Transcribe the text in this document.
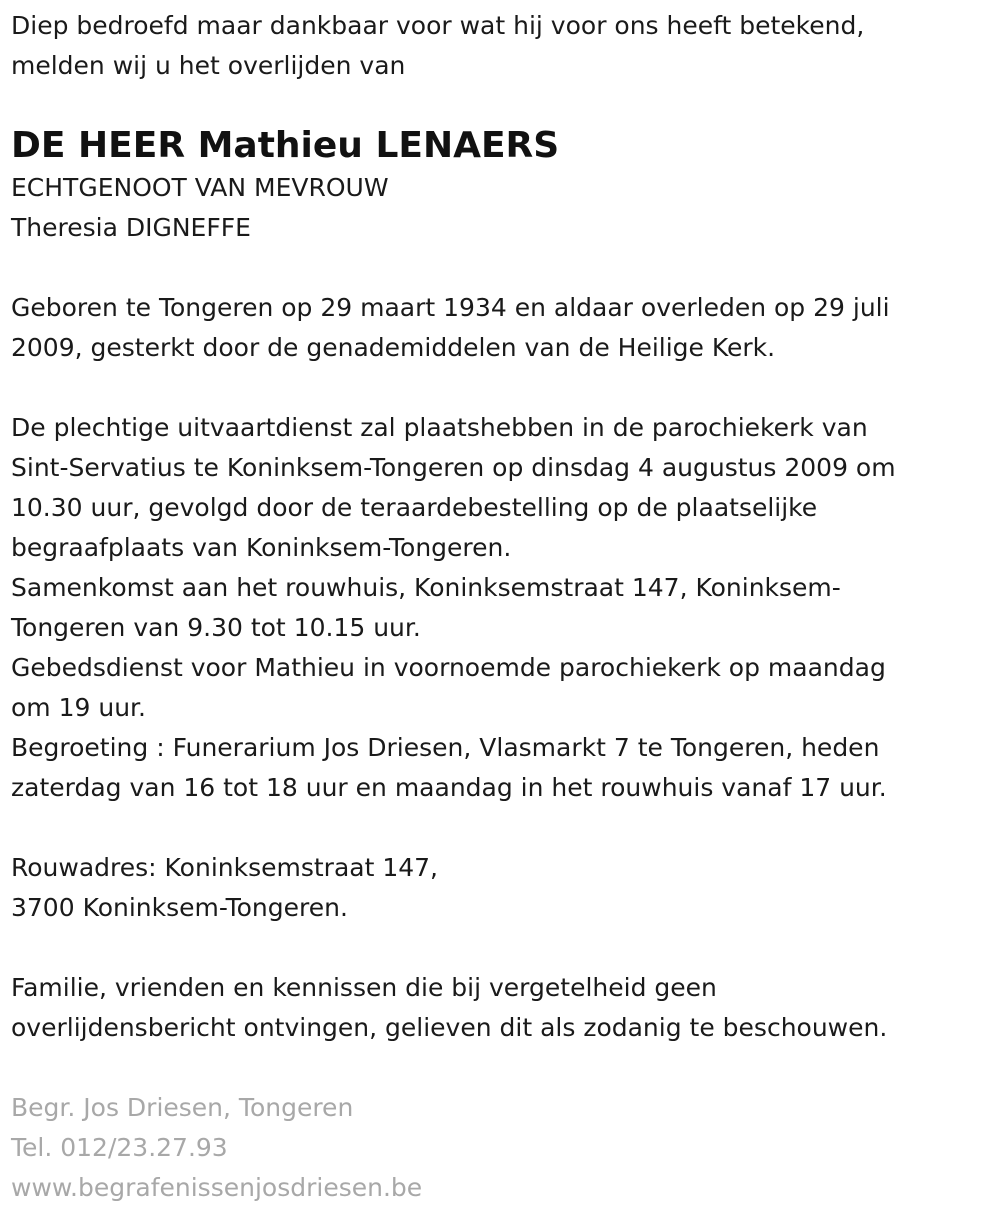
Diep bedroefd maar dankbaar voor wat hij voor ons heeft betekend,

melden wij u het overlijden van

DE HEER Mathieu LENAERS

ECHTGENOOT VAN MEVROUW

Theresia DIGNEFFE

Geboren te Tongeren op 29 maart 1934 en aldaar overleden op 29 juli

2009, gesterkt door de genademiddelen van de Heilige Kerk.

De plechtige uitvaartdienst zal plaatshebben in de parochiekerk van

Sint-Servatius te Koninksem-Tongeren op dinsdag 4 augustus 2009 om

10.30 uur, gevolgd door de teraardebestelling op de plaatselijke

begraafplaats van Koninksem-Tongeren.

Samenkomst aan het rouwhuis, Koninksemstraat 147, Koninksem-

Tongeren van 9.30 tot 10.15 uur.

Gebedsdienst voor Mathieu in voornoemde parochiekerk op maandag

om 19 uur.

Begroeting : Funerarium Jos Driesen, Vlasmarkt 7 te Tongeren, heden

zaterdag van 16 tot 18 uur en maandag in het rouwhuis vanaf 17 uur.

Rouwadres: Koninksemstraat 147,

3700 Koninksem-Tongeren.

Familie, vrienden en kennissen die bij vergetelheid geen

overlijdensbericht ontvingen, gelieven dit als zodanig te beschouwen.

Begr. Jos Driesen, Tongeren

Tel. 012/23.27.93

www.begrafenissenjosdriesen.be
